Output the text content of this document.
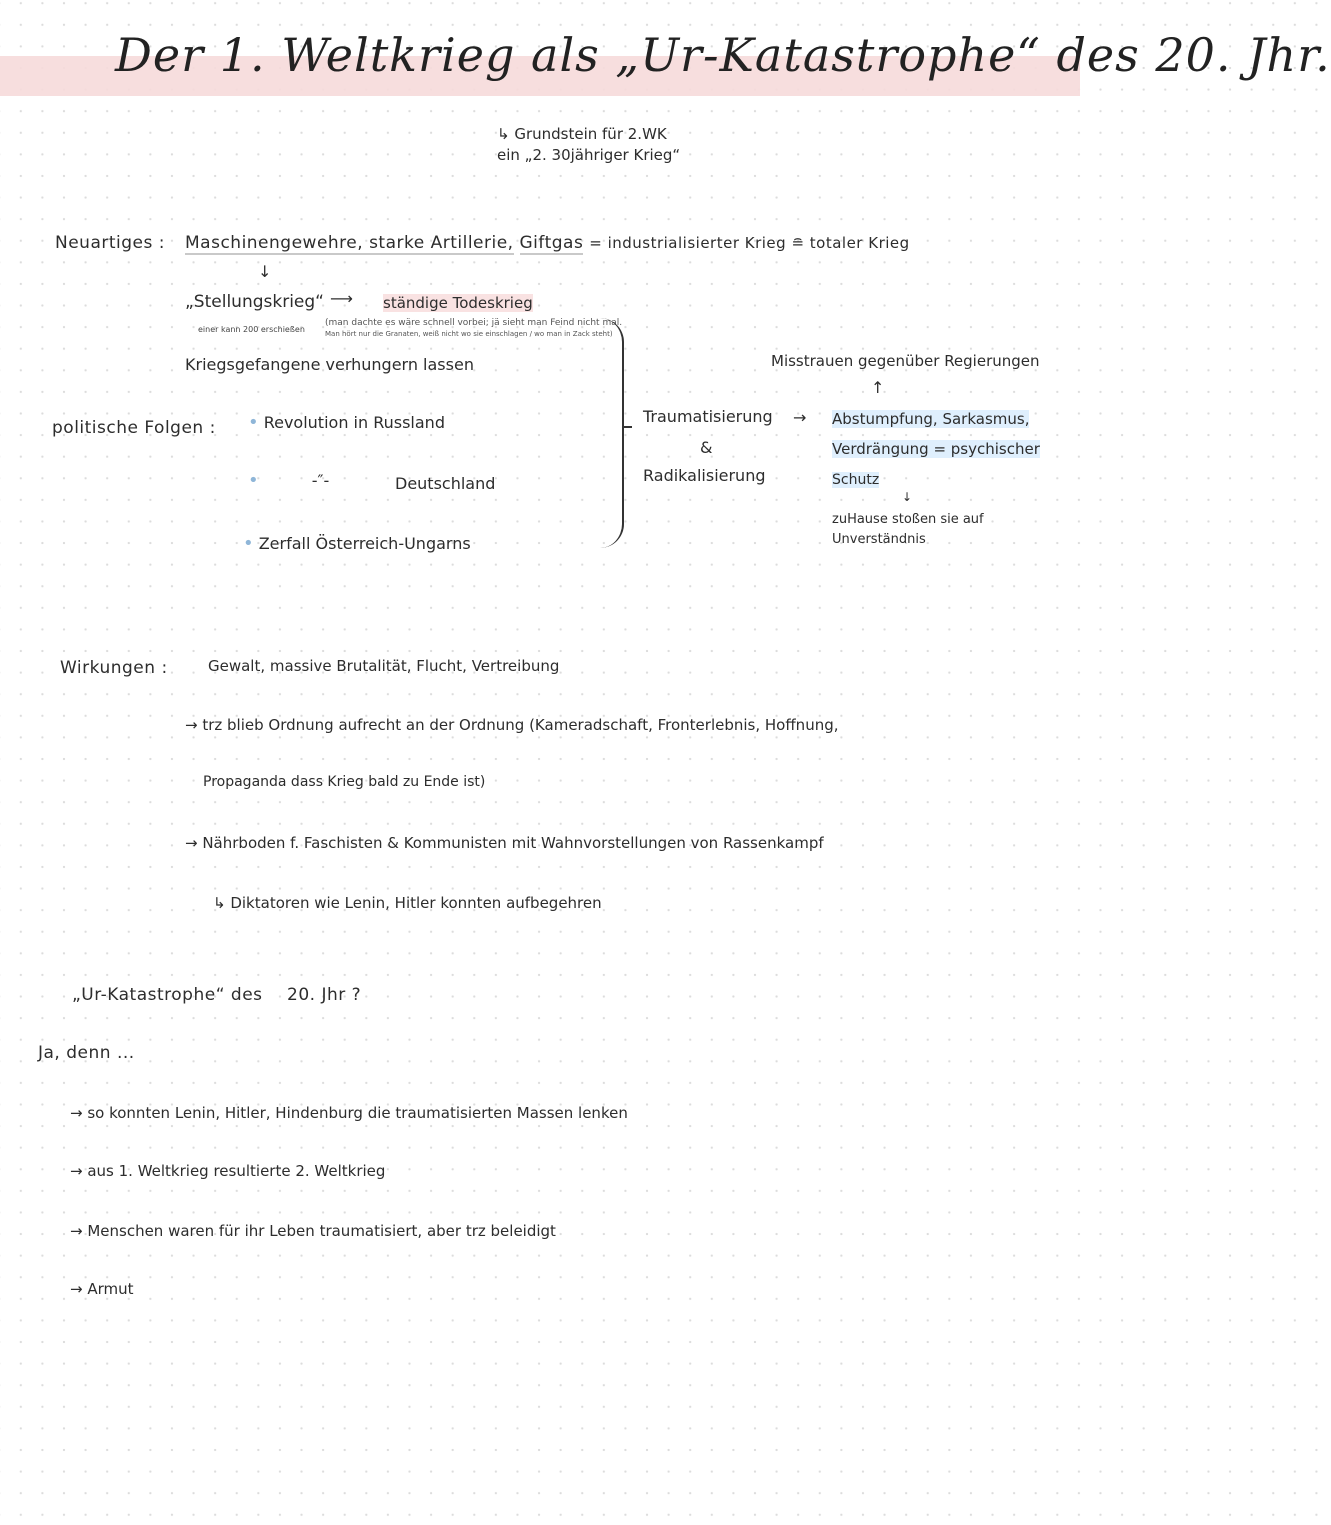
Der 1. Weltkrieg als „Ur-Katastrophe“ des 20. Jhr.
↳ Grundstein für 2.WK
ein „2. 30jähriger Krieg“
Neuartiges : Maschinengewehre, starke Artillerie, Giftgas = industrialisierter Krieg ≘ totaler Krieg
↓
„Stellungskrieg“
einer kann 200 erschießen
⟶ ständige Todeskrieg
(man dachte es wäre schnell vorbei; jä sieht man Feind nicht mal.
Man hört nur die Granaten, weiß nicht wo sie einschlagen / wo man in Zack steht)
Kriegsgefangene verhungern lassen
politische Folgen : • Revolution in Russland
•	-″-	Deutschland
• Zerfall Österreich-Ungarns
Misstrauen gegenüber Regierungen
↑
Traumatisierung →
&
Radikalisierung
Abstumpfung, Sarkasmus,
Verdrängung = psychischer
Schutz
↓
zuHause stoßen sie auf
Unverständnis
Wirkungen :	Gewalt, massive Brutalität, Flucht, Vertreibung
→ trz blieb Ordnung aufrecht an der Ordnung (Kameradschaft, Fronterlebnis, Hoffnung,
Propaganda dass Krieg bald zu Ende ist)
→ Nährboden f. Faschisten & Kommunisten mit Wahnvorstellungen von Rassenkampf
↳ Diktatoren wie Lenin, Hitler konnten aufbegehren
„Ur-Katastrophe“ des 20. Jhr ?
Ja, denn ...
→ so konnten Lenin, Hitler, Hindenburg die traumatisierten Massen lenken
→ aus 1. Weltkrieg resultierte 2. Weltkrieg
→ Menschen waren für ihr Leben traumatisiert, aber trz beleidigt
→ Armut
